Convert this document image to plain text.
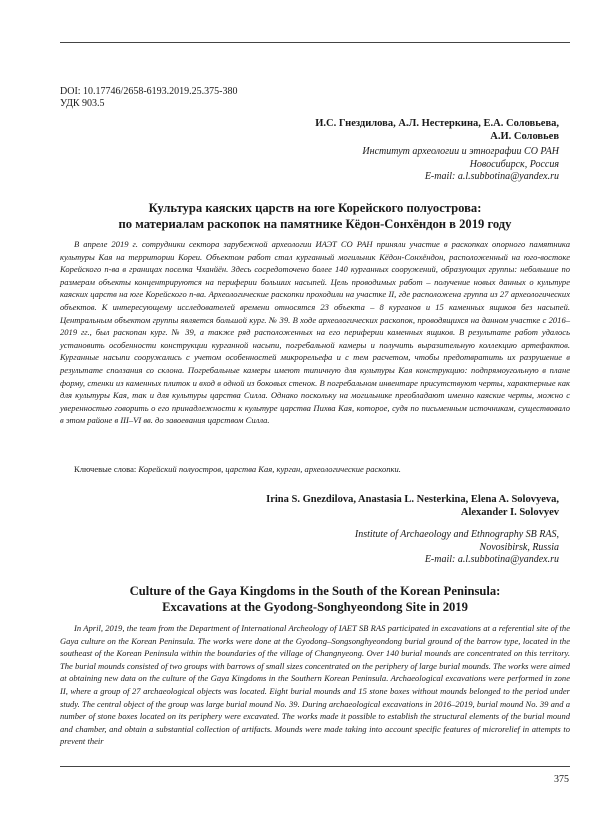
DOI: 10.17746/2658-6193.2019.25.375-380
УДК 903.5
И.С. Гнездилова, А.Л. Нестеркина, Е.А. Соловьева,
А.И. Соловьев
Институт археологии и этнографии СО РАН
Новосибирск, Россия
E-mail: a.l.subbotina@yandex.ru
Культура каяских царств на юге Корейского полуострова:
по материалам раскопок на памятнике Кёдон-Сонхёндон в 2019 году

В апреле 2019 г. сотрудники сектора зарубежной археологии ИАЭТ СО РАН приняли участие в раскопках опорного памятника культуры Кая на территории Кореи. Объектом работ стал курганный могильник Кёдон-Сонхёндон, расположенный на юго-востоке Корейского п-ва в границах поселка Чханйён. Здесь сосредоточено более 140 курганных сооружений, образующих группы: небольшие по размерам объекты концентрируются на периферии больших насыпей. Цель проводимых работ – получение новых данных о культуре каяских царств на юге Корейского п-ва. Археологические раскопки проходили на участке II, где расположена группа из 27 археологических объектов. К интересующему исследователей времени относятся 23 объекта – 8 курганов и 15 каменных ящиков без насыпей. Центральным объектом группы является большой кург. № 39. В ходе археологических раскопок, проводящихся на данном участке с 2016–2019 гг., был раскопан кург. № 39, а также ряд расположенных на его периферии каменных ящиков. В результате работ удалось установить особенности конструкции курганной насыпи, погребальной камеры и получить выразительную коллекцию артефактов. Курганные насыпи сооружались с учетом особенностей микрорельефа и с тем расчетом, чтобы предотвратить их разрушение в результате сползания со склона. Погребальные камеры имеют типичную для культуры Кая конструкцию: подпрямоугольную в плане форму, стенки из каменных плиток и вход в одной из боковых стенок. В погребальном инвентаре присутствуют черты, характерные как для культуры Кая, так и для культуры царства Силла. Однако поскольку на могильнике преобладают именно каяские черты, можно с уверенностью говорить о его принадлежности к культуре царства Пихва Кая, которое, судя по письменным источникам, существовало в этом районе в III–VI вв. до завоевания царством Силла.

Ключевые слова: Корейский полуостров, царства Кая, курган, археологические раскопки.
Irina S. Gnezdilova, Anastasia L. Nesterkina, Elena A. Solovyeva,
Alexander I. Solovyev
Institute of Archaeology and Ethnography SB RAS,
Novosibirsk, Russia
E-mail: a.l.subbotina@yandex.ru
Culture of the Gaya Kingdoms in the South of the Korean Peninsula:
Excavations at the Gyodong-Songhyeondong Site in 2019

In April, 2019, the team from the Department of International Archeology of IAET SB RAS participated in excavations at a referential site of the Gaya culture on the Korean Peninsula. The works were done at the Gyodong–Songsonghyeondong burial ground of the barrow type, located in the southeast of the Korean Peninsula within the boundaries of the village of Changnyeong. Over 140 burial mounds are concentrated on this territory. The burial mounds consisted of two groups with barrows of small sizes concentrated on the periphery of large burial mounds. The works were aimed at obtaining new data on the culture of the Gaya Kingdoms in the Southern Korean Peninsula. Archaeological excavations were performed in zone II, where a group of 27 archaeological objects was located. Eight burial mounds and 15 stone boxes without mounds belonged to the period under study. The central object of the group was large burial mound No. 39. During archaeological excavations in 2016–2019, burial mound No. 39 and a number of stone boxes located on its periphery were excavated. The works made it possible to establish the structural elements of the burial mound and chamber, and obtain a substantial collection of artifacts. Mounds were made taking into account specific features of microrelief in attempts to prevent their

375
